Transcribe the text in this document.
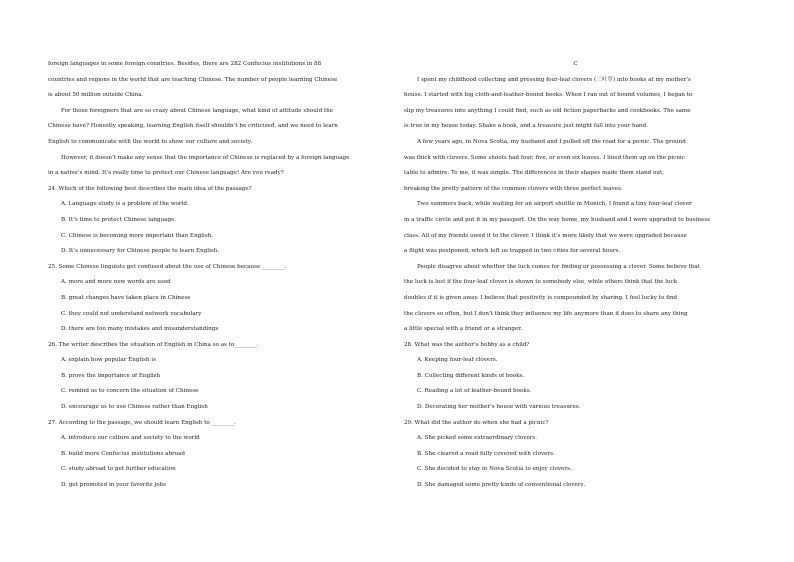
foreign languages in some foreign countries. Besides, there are 282 Confucius institutions in 88

countries and regions in the world that are teaching Chinese. The number of people learning Chinese

is about 50 million outside China.

For those foreigners that are so crazy about Chinese language, what kind of attitude should the

Chinese have? Honestly speaking, learning English itself shouldn’t be criticized, and we need to learn

English to communicate with the world to show our culture and society.

However, it doesn’t make any sense that the importance of Chinese is replaced by a foreign language

in a native’s mind. It’s really time to protect our Chinese language! Are you ready?

24. Which of the following best describes the main idea of the passage?

A. Language study is a problem of the world.

B. It’s time to protect Chinese language.

C. Chinese is becoming more important than English.

D. It’s unnecessary for Chinese people to learn English.

25. Some Chinese linguists get confused about the use of Chinese because ________.

A. more and more new words are used

B. great changes have taken place in Chinese

C. they could not understand network vocabulary

D. there are too many mistakes and misunderstandings

26. The writer describes the situation of English in China so as to________.

A. explain how popular English is

B. prove the importance of English

C. remind us to concern the situation of Chinese

D. encourage us to use Chinese rather than English

27. According to the passage, we should learn English to ________.

A. introduce our culture and society to the world

B. build more Confucius institutions abroad

C. study abroad to get further education

D. get promoted in your favorite jobs

C

I spent my childhood collecting and pressing four-leaf clovers (三叶草) into books at my mother’s

house. I started with big cloth-and-leather-bound books. When I ran out of bound volumes, I began to

slip my treasures into anything I could find, such as old fiction paperbacks and cookbooks. The same

is true in my house today. Shake a book, and a treasure just might fall into your hand.

A few years ago, in Nova Scotia, my husband and I pulled off the road for a picnic. The ground

was thick with clovers. Some shoots had four, five, or even six leaves. I lined them up on the picnic

table to admire. To me, it was simple. The differences in their shapes made them stand out,

breaking the pretty pattern of the common clovers with three perfect leaves.

Two summers back, while waiting for an airport shuttle in Munich, I found a tiny four-leaf clover

in a traffic circle and put it in my passport. On the way home, my husband and I were upgraded to business

class. All of my friends owed it to the clover. I think it’s more likely that we were upgraded because

a flight was postponed, which left us trapped in two cities for several hours.

People disagree about whether the luck comes for finding or possessing a clover. Some believe that

the luck is lost if the four-leaf clover is shown to somebody else, while others think that the luck

doubles if it is given away. I believe that positivity is compounded by sharing. I feel lucky to find

the clovers so often, but I don’t think they influence my life anymore than it does to share any thing

a little special with a friend or a stranger.

28. What was the author’s hobby as a child?

A. Keeping four-leaf clovers.

B. Collecting different kinds of books.

C. Reading a lot of leather-bound books.

D. Decorating her mother’s house with various treasures.

29. What did the author do when she had a picnic?

A. She picked some extraordinary clovers.

B. She cleared a road fully covered with clovers.

C. She decided to stay in Nova Scotia to enjoy clovers.

D. She damaged some pretty kinds of conventional clovers.
